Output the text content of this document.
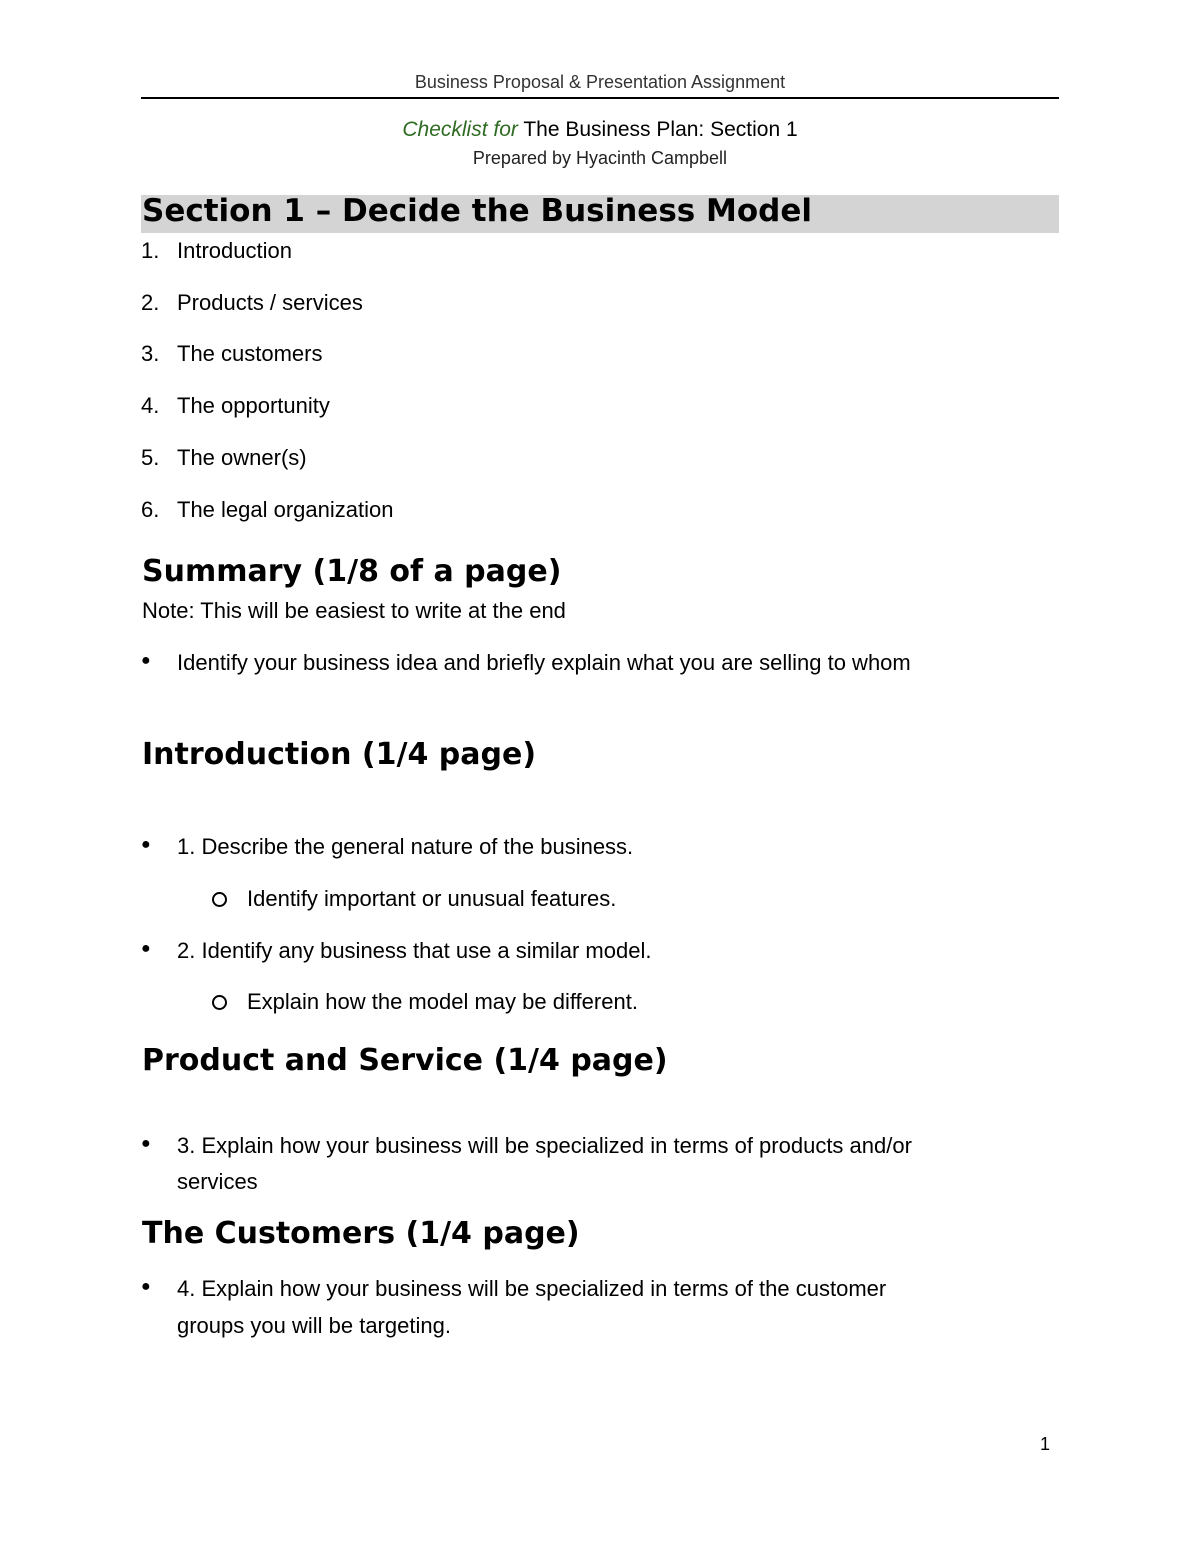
Business Proposal & Presentation Assignment
Checklist for The Business Plan: Section 1
Prepared by Hyacinth Campbell
Section 1 – Decide the Business Model
1. Introduction
2. Products / services
3. The customers
4. The opportunity
5. The owner(s)
6. The legal organization
Summary (1/8 of a page)
Note: This will be easiest to write at the end
● Identify your business idea and briefly explain what you are selling to whom
Introduction (1/4 page)
● 1. Describe the general nature of the business.
Identify important or unusual features.
● 2. Identify any business that use a similar model.
Explain how the model may be different.
Product and Service (1/4 page)
● 3. Explain how your business will be specialized in terms of products and/or
services
The Customers (1/4 page)
● 4. Explain how your business will be specialized in terms of the customer
groups you will be targeting.
1
